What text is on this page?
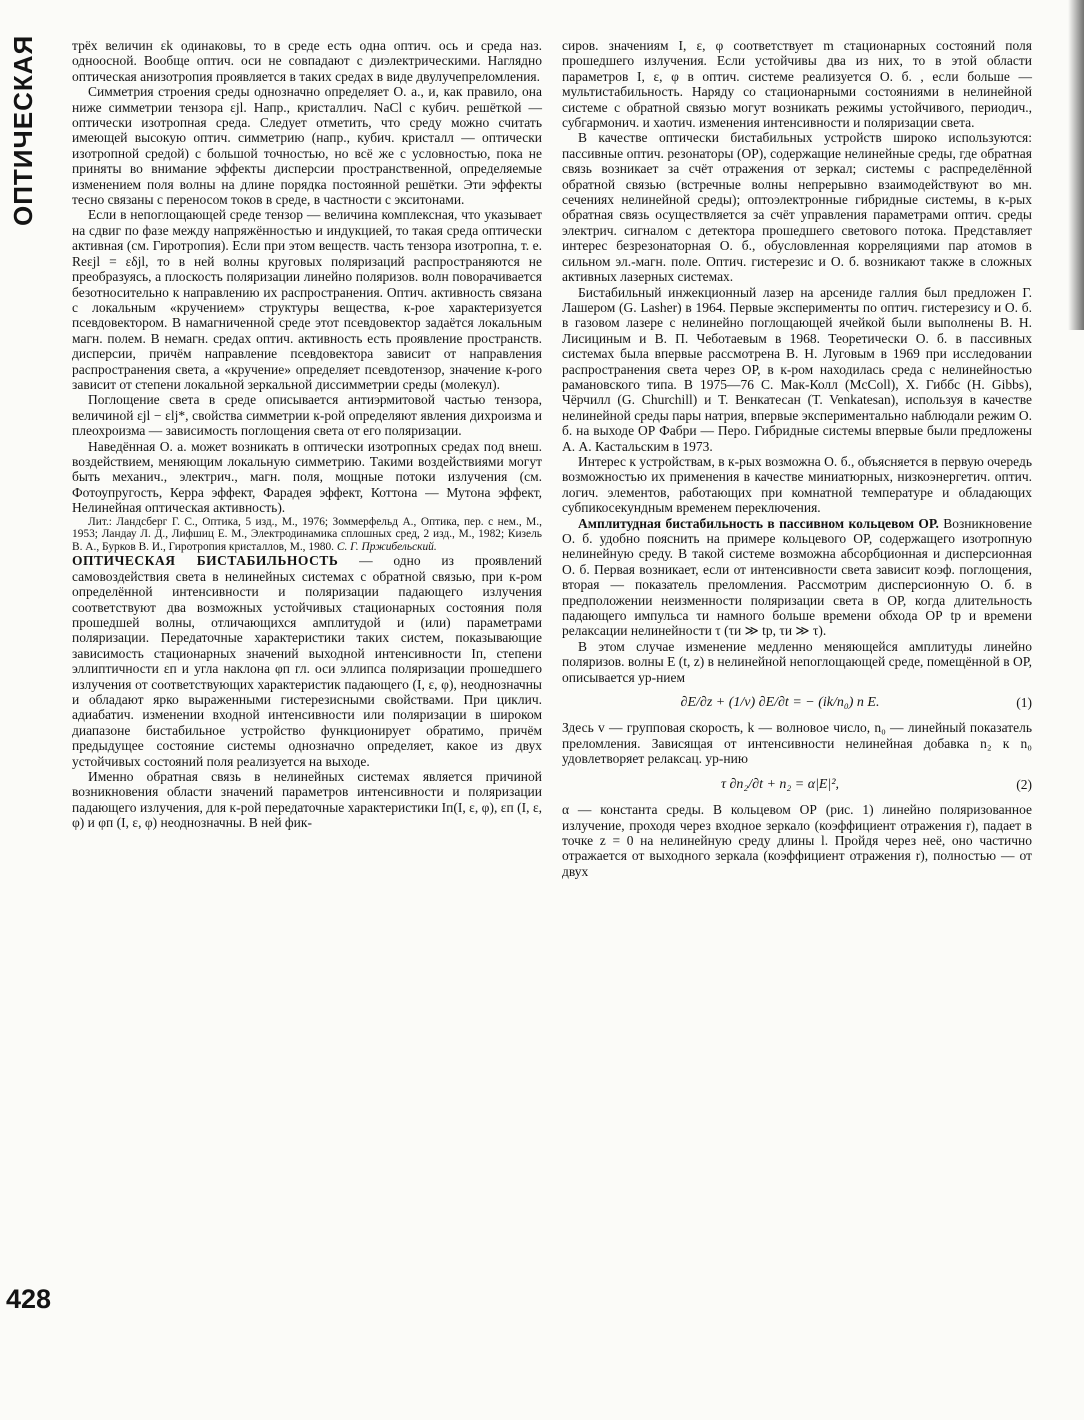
ОПТИЧЕСКАЯ
428

трёх величин εk одинаковы, то в среде есть одна оптич. ось и среда наз. одноосной. Вообще оптич. оси не совпадают с диэлектрическими. Наглядно оптическая анизотропия проявляется в таких средах в виде двулучепреломления.

Симметрия строения среды однозначно определяет О. а., и, как правило, она ниже симметрии тензора εjl. Напр., кристаллич. NaCl с кубич. решёткой — оптически изотропная среда. Следует отметить, что среду можно считать имеющей высокую оптич. симметрию (напр., кубич. кристалл — оптически изотропной средой) с большой точностью, но всё же с условностью, пока не приняты во внимание эффекты дисперсии пространственной, определяемые изменением поля волны на длине порядка постоянной решётки. Эти эффекты тесно связаны с переносом токов в среде, в частности с экситонами.

Если в непоглощающей среде тензор — величина комплексная, что указывает на сдвиг по фазе между напряжённостью и индукцией, то такая среда оптически активная (см. Гиротропия). Если при этом веществ. часть тензора изотропна, т. е. Reεjl = εδjl, то в ней волны круговых поляризаций распространяются не преобразуясь, а плоскость поляризации линейно поляризов. волн поворачивается безотносительно к направлению их распространения. Оптич. активность связана с локальным «кручением» структуры вещества, к-рое характеризуется псевдовектором. В намагниченной среде этот псевдовектор задаётся локальным магн. полем. В немагн. средах оптич. активность есть проявление пространств. дисперсии, причём направление псевдовектора зависит от направления распространения света, а «кручение» определяет псевдотензор, значение к-рого зависит от степени локальной зеркальной диссимметрии среды (молекул).

Поглощение света в среде описывается антиэрмитовой частью тензора, величиной εjl − εlj*, свойства симметрии к-рой определяют явления дихроизма и плеохроизма — зависимость поглощения света от его поляризации.

Наведённая О. а. может возникать в оптически изотропных средах под внеш. воздействием, меняющим локальную симметрию. Такими воздействиями могут быть механич., электрич., магн. поля, мощные потоки излучения (см. Фотоупругость, Керра эффект, Фарадея эффект, Коттона — Мутона эффект, Нелинейная оптическая активность).

Лит.: Ландсберг Г. С., Оптика, 5 изд., М., 1976; Зоммерфельд А., Оптика, пер. с нем., М., 1953; Ландау Л. Д., Лифшиц Е. М., Электродинамика сплошных сред, 2 изд., М., 1982; Кизель В. А., Бурков В. И., Гиротропия кристаллов, М., 1980. С. Г. Пржибельский.

ОПТИЧЕСКАЯ БИСТАБИЛЬНОСТЬ — одно из проявлений самовоздействия света в нелинейных системах с обратной связью, при к-ром определённой интенсивности и поляризации падающего излучения соответствуют два возможных устойчивых стационарных состояния поля прошедшей волны, отличающихся амплитудой и (или) параметрами поляризации. Передаточные характеристики таких систем, показывающие зависимость стационарных значений выходной интенсивности Iп, степени эллиптичности εп и угла наклона φп гл. оси эллипса поляризации прошедшего излучения от соответствующих характеристик падающего (I, ε, φ), неоднозначны и обладают ярко выраженными гистерезисными свойствами. При циклич. адиабатич. изменении входной интенсивности или поляризации в широком диапазоне бистабильное устройство функционирует обратимо, причём предыдущее состояние системы однозначно определяет, какое из двух устойчивых состояний поля реализуется на выходе.

Именно обратная связь в нелинейных системах является причиной возникновения области значений параметров интенсивности и поляризации падающего излучения, для к-рой передаточные характеристики Iп(I, ε, φ), εп (I, ε, φ) и φп (I, ε, φ) неоднозначны. В ней фик-

сиров. значениям I, ε, φ соответствует m стационарных состояний поля прошедшего излучения. Если устойчивы два из них, то в этой области параметров I, ε, φ в оптич. системе реализуется О. б. , если больше — мультистабильность. Наряду со стационарными состояниями в нелинейной системе с обратной связью могут возникать режимы устойчивого, периодич., субгармонич. и хаотич. изменения интенсивности и поляризации света.

В качестве оптически бистабильных устройств широко используются: пассивные оптич. резонаторы (ОР), содержащие нелинейные среды, где обратная связь возникает за счёт отражения от зеркал; системы с распределённой обратной связью (встречные волны непрерывно взаимодействуют во мн. сечениях нелинейной среды); оптоэлектронные гибридные системы, в к-рых обратная связь осуществляется за счёт управления параметрами оптич. среды электрич. сигналом с детектора прошедшего светового потока. Представляет интерес безрезонаторная О. б., обусловленная корреляциями пар атомов в сильном эл.-магн. поле. Оптич. гистерезис и О. б. возникают также в сложных активных лазерных системах.

Бистабильный инжекционный лазер на арсениде галлия был предложен Г. Лашером (G. Lasher) в 1964. Первые эксперименты по оптич. гистерезису и О. б. в газовом лазере с нелинейно поглощающей ячейкой были выполнены В. Н. Лисициным и В. П. Чеботаевым в 1968. Теоретически О. б. в пассивных системах была впервые рассмотрена В. Н. Луговым в 1969 при исследовании распространения света через ОР, в к-ром находилась среда с нелинейностью рамановского типа. В 1975—76 С. Мак-Колл (McColl), Х. Гиббс (H. Gibbs), Чёрчилл (G. Churchill) и Т. Венкатесан (T. Venkatesan), используя в качестве нелинейной среды пары натрия, впервые экспериментально наблюдали режим О. б. на выходе ОР Фабри — Перо. Гибридные системы впервые были предложены А. А. Кастальским в 1973.

Интерес к устройствам, в к-рых возможна О. б., объясняется в первую очередь возможностью их применения в качестве миниатюрных, низкоэнергетич. оптич. логич. элементов, работающих при комнатной температуре и обладающих субпикосекундным временем переключения.

Амплитудная бистабильность в пассивном кольцевом ОР. Возникновение О. б. удобно пояснить на примере кольцевого ОР, содержащего изотропную нелинейную среду. В такой системе возможна абсорбционная и дисперсионная О. б. Первая возникает, если от интенсивности света зависит коэф. поглощения, вторая — показатель преломления. Рассмотрим дисперсионную О. б. в предположении неизменности поляризации света в ОР, когда длительность падающего импульса τи намного больше времени обхода ОР tр и времени релаксации нелинейности τ (τи ≫ tр, τи ≫ τ).

В этом случае изменение медленно меняющейся амплитуды линейно поляризов. волны E (t, z) в нелинейной непоглощающей среде, помещённой в ОР, описывается ур-нием

∂E/∂z + (1/v) ∂E/∂t = − (ik/n₀) n E.	(1)

Здесь v — групповая скорость, k — волновое число, n₀ — линейный показатель преломления. Зависящая от интенсивности нелинейная добавка n₂ к n₀ удовлетворяет релаксац. ур-нию

τ ∂n₂/∂t + n₂ = α|E|²,	(2)

α — константа среды. В кольцевом ОР (рис. 1) линейно поляризованное излучение, проходя через входное зеркало (коэффициент отражения r), падает в точке z = 0 на нелинейную среду длины l. Пройдя через неё, оно частично отражается от выходного зеркала (коэффициент отражения r), полностью — от двух
